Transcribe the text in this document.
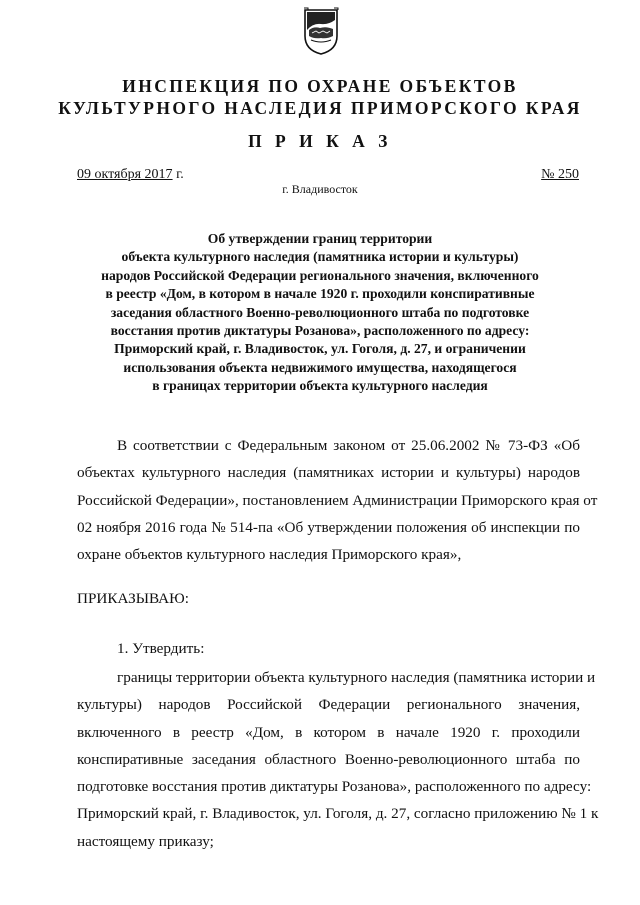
ИНСПЕКЦИЯ ПО ОХРАНЕ ОБЪЕКТОВ
КУЛЬТУРНОГО НАСЛЕДИЯ ПРИМОРСКОГО КРАЯ
П Р И К А З
09 октября 2017 г.	№ 250
г. Владивосток
Об утверждении границ территории
объекта культурного наследия (памятника истории и культуры)
народов Российской Федерации регионального значения, включенного
в реестр «Дом, в котором в начале 1920 г. проходили конспиративные
заседания областного Военно-революционного штаба по подготовке
восстания против диктатуры Розанова», расположенного по адресу:
Приморский край, г. Владивосток, ул. Гоголя, д. 27, и ограничении
использования объекта недвижимого имущества, находящегося
в границах территории объекта культурного наследия
В соответствии с Федеральным законом от 25.06.2002 № 73-ФЗ «Об
объектах культурного наследия (памятниках истории и культуры) народов
Российской Федерации», постановлением Администрации Приморского края от
02 ноября 2016 года № 514-па «Об утверждении положения об инспекции по
охране объектов культурного наследия Приморского края»,
ПРИКАЗЫВАЮ:
1. Утвердить:
границы территории объекта культурного наследия (памятника истории и
культуры) народов Российской Федерации регионального значения,
включенного в реестр «Дом, в котором в начале 1920 г. проходили
конспиративные заседания областного Военно-революционного штаба по
подготовке восстания против диктатуры Розанова», расположенного по адресу:
Приморский край, г. Владивосток, ул. Гоголя, д. 27, согласно приложению № 1 к
настоящему приказу;
